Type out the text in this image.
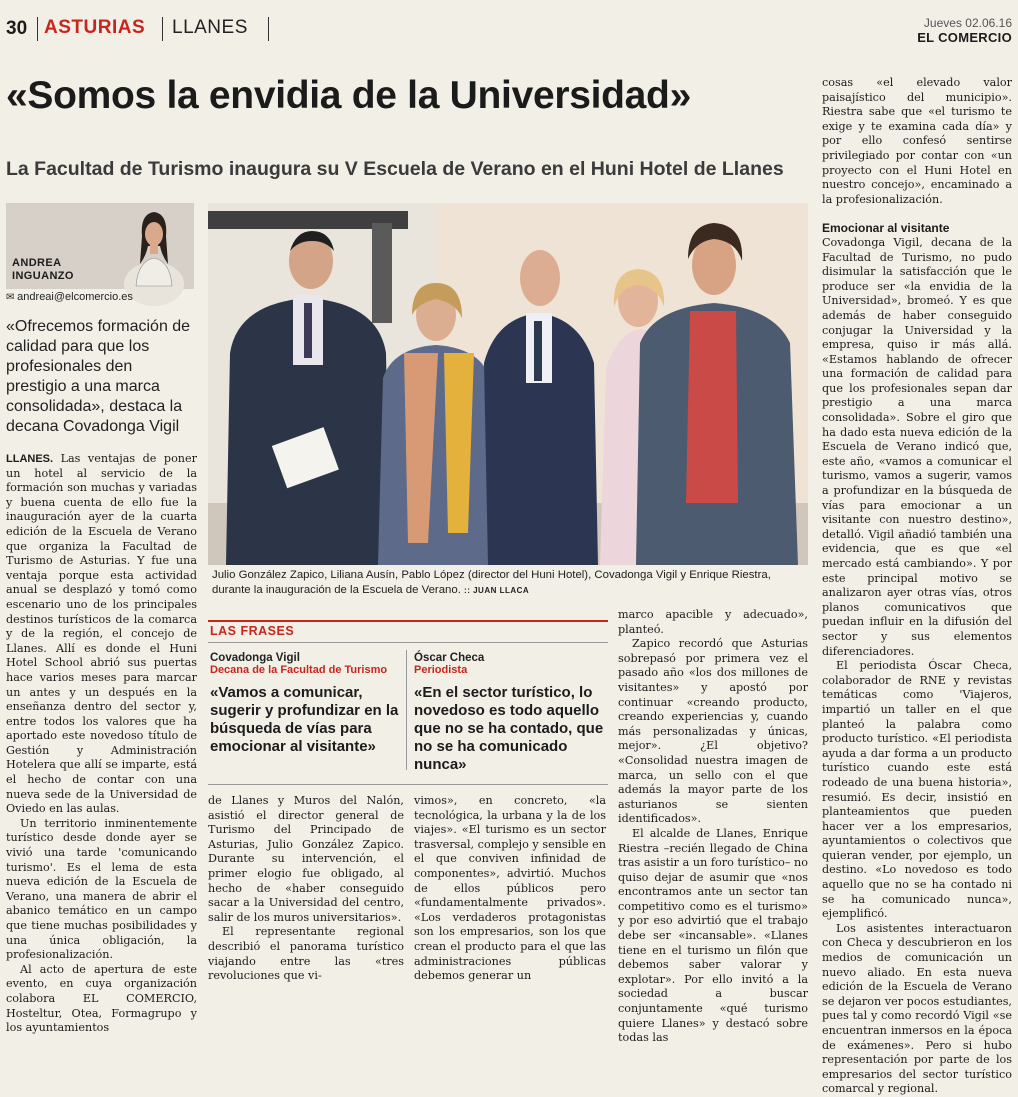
30 ASTURIAS LLANES	Jueves 02.06.16
EL COMERCIO
«Somos la envidia de la Universidad»
La Facultad de Turismo inaugura su V Escuela de Verano en el Huni Hotel de Llanes
ANDREA
INGUANZO
✉ andreai@elcomercio.es
«Ofrecemos formación de calidad para que los profesionales den prestigio a una marca consolidada», destaca la decana Covadonga Vigil
Julio González Zapico, Liliana Ausín, Pablo López (director del Huni Hotel), Covadonga Vigil y Enrique Riestra, durante la inauguración de la Escuela de Verano. :: JUAN LLACA
LAS FRASES
Covadonga Vigil
Decana de la Facultad de Turismo
«Vamos a comunicar, sugerir y profundizar en la búsqueda de vías para emocionar al visitante»
Óscar Checa
Periodista
«En el sector turístico, lo novedoso es todo aquello que no se ha contado, que no se ha comunicado nunca»

LLANES. Las ventajas de poner un hotel al servicio de la formación son muchas y variadas y buena cuenta de ello fue la inauguración ayer de la cuarta edición de la Escuela de Verano que organiza la Facultad de Turismo de Asturias. Y fue una ventaja porque esta actividad anual se desplazó y tomó como escenario uno de los principales destinos turísticos de la comarca y de la región, el concejo de Llanes. Allí es donde el Huni Hotel School abrió sus puertas hace varios meses para marcar un antes y un después en la enseñanza dentro del sector y, entre todos los valores que ha aportado este novedoso título de Gestión y Administración Hotelera que allí se imparte, está el hecho de contar con una nueva sede de la Universidad de Oviedo en las aulas.

Un territorio inminentemente turístico desde donde ayer se vivió una tarde 'comunicando turismo'. Es el lema de esta nueva edición de la Escuela de Verano, una manera de abrir el abanico temático en un campo que tiene muchas posibilidades y una única obligación, la profesionalización.

Al acto de apertura de este evento, en cuya organización colabora EL COMERCIO, Hosteltur, Otea, Formagrupo y los ayuntamientos

de Llanes y Muros del Nalón, asistió el director general de Turismo del Principado de Asturias, Julio González Zapico. Durante su intervención, el primer elogio fue obligado, al hecho de «haber conseguido sacar a la Universidad del centro, salir de los muros universitarios».

El representante regional describió el panorama turístico viajando entre las «tres revoluciones que vi-

vimos», en concreto, «la tecnológica, la urbana y la de los viajes». «El turismo es un sector trasversal, complejo y sensible en el que conviven infinidad de componentes», advirtió. Muchos de ellos públicos pero «fundamentalmente privados». «Los verdaderos protagonistas son los empresarios, son los que crean el producto para el que las administraciones públicas debemos generar un

marco apacible y adecuado», planteó.

Zapico recordó que Asturias sobrepasó por primera vez el pasado año «los dos millones de visitantes» y apostó por continuar «creando producto, creando experiencias y, cuando más personalizadas y únicas, mejor». ¿El objetivo? «Consolidad nuestra imagen de marca, un sello con el que además la mayor parte de los asturianos se sienten identificados».

El alcalde de Llanes, Enrique Riestra –recién llegado de China tras asistir a un foro turístico– no quiso dejar de asumir que «nos encontramos ante un sector tan competitivo como es el turismo» y por eso advirtió que el trabajo debe ser «incansable». «Llanes tiene en el turismo un filón que debemos saber valorar y explotar». Por ello invitó a la sociedad a buscar conjuntamente «qué turismo quiere Llanes» y destacó sobre todas las

cosas «el elevado valor paisajístico del municipio». Riestra sabe que «el turismo te exige y te examina cada día» y por ello confesó sentirse privilegiado por contar con «un proyecto con el Huni Hotel en nuestro concejo», encaminado a la profesionalización.

Emocionar al visitante

Covadonga Vigil, decana de la Facultad de Turismo, no pudo disimular la satisfacción que le produce ser «la envidia de la Universidad», bromeó. Y es que además de haber conseguido conjugar la Universidad y la empresa, quiso ir más allá. «Estamos hablando de ofrecer una formación de calidad para que los profesionales sepan dar prestigio a una marca consolidada». Sobre el giro que ha dado esta nueva edición de la Escuela de Verano indicó que, este año, «vamos a comunicar el turismo, vamos a sugerir, vamos a profundizar en la búsqueda de vías para emocionar a un visitante con nuestro destino», detalló. Vigil añadió también una evidencia, que es que «el mercado está cambiando». Y por este principal motivo se analizaron ayer otras vías, otros planos comunicativos que puedan influir en la difusión del sector y sus elementos diferenciadores.

El periodista Óscar Checa, colaborador de RNE y revistas temáticas como 'Viajeros, impartió un taller en el que planteó la palabra como producto turístico. «El periodista ayuda a dar forma a un producto turístico cuando este está rodeado de una buena historia», resumió. Es decir, insistió en planteamientos que pueden hacer ver a los empresarios, ayuntamientos o colectivos que quieran vender, por ejemplo, un destino. «Lo novedoso es todo aquello que no se ha contado ni se ha comunicado nunca», ejemplificó.

Los asistentes interactuaron con Checa y descubrieron en los medios de comunicación un nuevo aliado. En esta nueva edición de la Escuela de Verano se dejaron ver pocos estudiantes, pues tal y como recordó Vigil «se encuentran inmersos en la época de exámenes». Pero si hubo representación por parte de los empresarios del sector turístico comarcal y regional.
